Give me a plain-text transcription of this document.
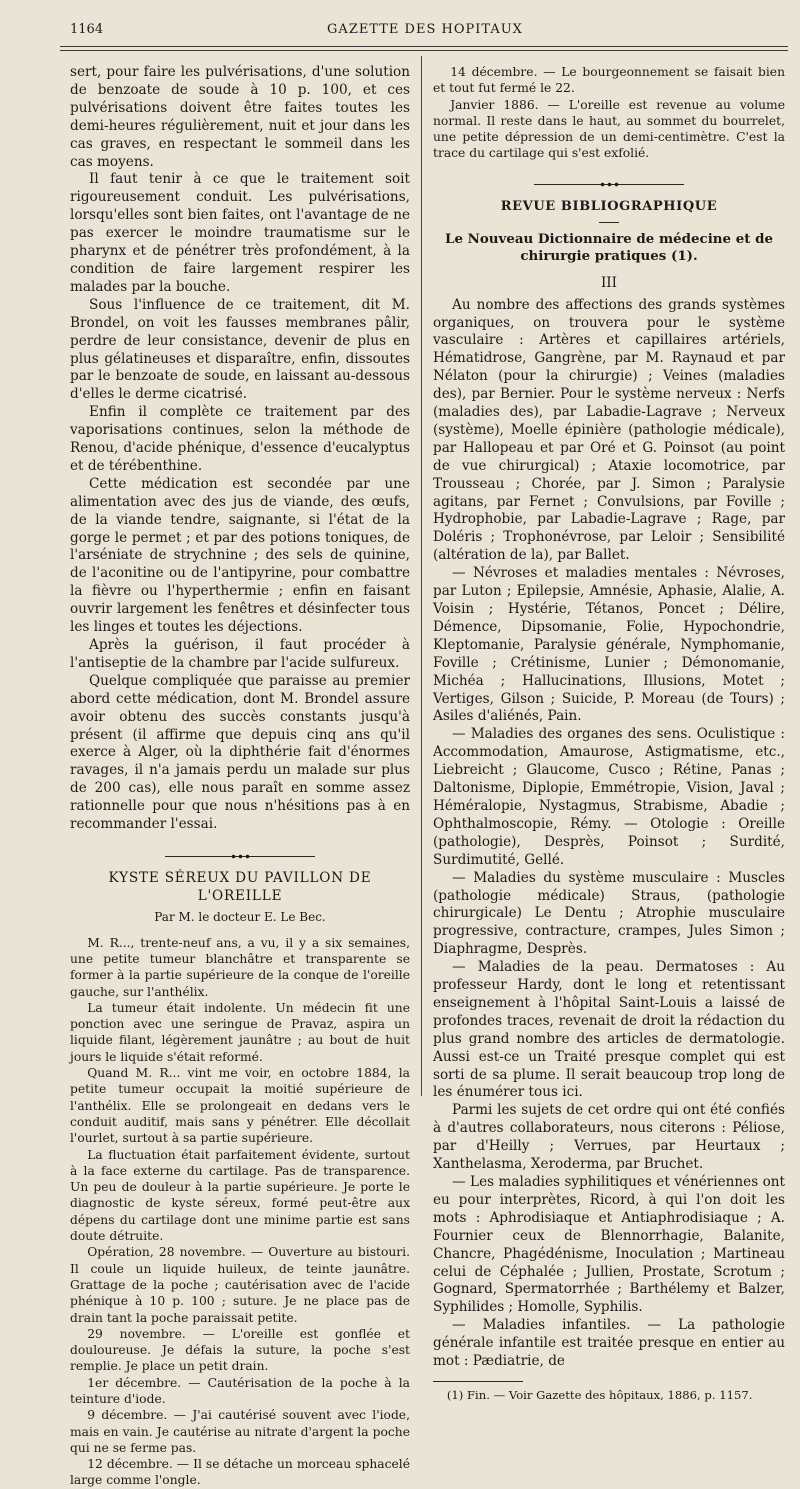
1164	GAZETTE DES HOPITAUX

sert, pour faire les pulvérisations, d'une solution de benzoate de soude à 10 p. 100, et ces pulvérisations doivent être faites toutes les demi-heures régulièrement, nuit et jour dans les cas graves, en respectant le sommeil dans les cas moyens.

Il faut tenir à ce que le traitement soit rigoureusement conduit. Les pulvérisations, lorsqu'elles sont bien faites, ont l'avantage de ne pas exercer le moindre traumatisme sur le pharynx et de pénétrer très profondément, à la condition de faire largement respirer les malades par la bouche.

Sous l'influence de ce traitement, dit M. Brondel, on voit les fausses membranes pâlir, perdre de leur consistance, devenir de plus en plus gélatineuses et disparaître, enfin, dissoutes par le benzoate de soude, en laissant au-dessous d'elles le derme cicatrisé.

Enfin il complète ce traitement par des vaporisations continues, selon la méthode de Renou, d'acide phénique, d'essence d'eucalyptus et de térébenthine.

Cette médication est secondée par une alimentation avec des jus de viande, des œufs, de la viande tendre, saignante, si l'état de la gorge le permet ; et par des potions toniques, de l'arséniate de strychnine ; des sels de quinine, de l'aconitine ou de l'antipyrine, pour combattre la fièvre ou l'hyperthermie ; enfin en faisant ouvrir largement les fenêtres et désinfecter tous les linges et toutes les déjections.

Après la guérison, il faut procéder à l'antiseptie de la chambre par l'acide sulfureux.

Quelque compliquée que paraisse au premier abord cette médication, dont M. Brondel assure avoir obtenu des succès constants jusqu'à présent (il affirme que depuis cinq ans qu'il exerce à Alger, où la diphthérie fait d'énormes ravages, il n'a jamais perdu un malade sur plus de 200 cas), elle nous paraît en somme assez rationnelle pour que nous n'hésitions pas à en recommander l'essai.

KYSTE SÉREUX DU PAVILLON DE L'OREILLE
Par M. le docteur E. Le Bec.

M. R..., trente-neuf ans, a vu, il y a six semaines, une petite tumeur blanchâtre et transparente se former à la partie supérieure de la conque de l'oreille gauche, sur l'anthélix.

La tumeur était indolente. Un médecin fit une ponction avec une seringue de Pravaz, aspira un liquide filant, légèrement jaunâtre ; au bout de huit jours le liquide s'était reformé.

Quand M. R... vint me voir, en octobre 1884, la petite tumeur occupait la moitié supérieure de l'anthélix. Elle se prolongeait en dedans vers le conduit auditif, mais sans y pénétrer. Elle décollait l'ourlet, surtout à sa partie supérieure.

La fluctuation était parfaitement évidente, surtout à la face externe du cartilage. Pas de transparence. Un peu de douleur à la partie supérieure. Je porte le diagnostic de kyste séreux, formé peut-être aux dépens du cartilage dont une minime partie est sans doute détruite.

Opération, 28 novembre. — Ouverture au bistouri. Il coule un liquide huileux, de teinte jaunâtre. Grattage de la poche ; cautérisation avec de l'acide phénique à 10 p. 100 ; suture. Je ne place pas de drain tant la poche paraissait petite.

29 novembre. — L'oreille est gonflée et douloureuse. Je défais la suture, la poche s'est remplie. Je place un petit drain.

1er décembre. — Cautérisation de la poche à la teinture d'iode.

9 décembre. — J'ai cautérisé souvent avec l'iode, mais en vain. Je cautérise au nitrate d'argent la poche qui ne se ferme pas.

12 décembre. — Il se détache un morceau sphacelé large comme l'ongle.

14 décembre. — Le bourgeonnement se faisait bien et tout fut fermé le 22.

Janvier 1886. — L'oreille est revenue au volume normal. Il reste dans le haut, au sommet du bourrelet, une petite dépression de un demi-centimètre. C'est la trace du cartilage qui s'est exfolié.

REVUE BIBLIOGRAPHIQUE
Le Nouveau Dictionnaire de médecine et de chirurgie pratiques (1).
III

Au nombre des affections des grands systèmes organiques, on trouvera pour le système vasculaire : Artères et capillaires artériels, Hématidrose, Gangrène, par M. Raynaud et par Nélaton (pour la chirurgie) ; Veines (maladies des), par Bernier. Pour le système nerveux : Nerfs (maladies des), par Labadie-Lagrave ; Nerveux (système), Moelle épinière (pathologie médicale), par Hallopeau et par Oré et G. Poinsot (au point de vue chirurgical) ; Ataxie locomotrice, par Trousseau ; Chorée, par J. Simon ; Paralysie agitans, par Fernet ; Convulsions, par Foville ; Hydrophobie, par Labadie-Lagrave ; Rage, par Doléris ; Trophonévrose, par Leloir ; Sensibilité (altération de la), par Ballet.

— Névroses et maladies mentales : Névroses, par Luton ; Epilepsie, Amnésie, Aphasie, Alalie, A. Voisin ; Hystérie, Tétanos, Poncet ; Délire, Démence, Dipsomanie, Folie, Hypochondrie, Kleptomanie, Paralysie générale, Nymphomanie, Foville ; Crétinisme, Lunier ; Démonomanie, Michéa ; Hallucinations, Illusions, Motet ; Vertiges, Gilson ; Suicide, P. Moreau (de Tours) ; Asiles d'aliénés, Pain.

— Maladies des organes des sens. Oculistique : Accommodation, Amaurose, Astigmatisme, etc., Liebreicht ; Glaucome, Cusco ; Rétine, Panas ; Daltonisme, Diplopie, Emmétropie, Vision, Javal ; Héméralopie, Nystagmus, Strabisme, Abadie ; Ophthalmoscopie, Rémy. — Otologie : Oreille (pathologie), Desprès, Poinsot ; Surdité, Surdimutité, Gellé.

— Maladies du système musculaire : Muscles (pathologie médicale) Straus, (pathologie chirurgicale) Le Dentu ; Atrophie musculaire progressive, contracture, crampes, Jules Simon ; Diaphragme, Desprès.

— Maladies de la peau. Dermatoses : Au professeur Hardy, dont le long et retentissant enseignement à l'hôpital Saint-Louis a laissé de profondes traces, revenait de droit la rédaction du plus grand nombre des articles de dermatologie. Aussi est-ce un Traité presque complet qui est sorti de sa plume. Il serait beaucoup trop long de les énumérer tous ici.

Parmi les sujets de cet ordre qui ont été confiés à d'autres collaborateurs, nous citerons : Péliose, par d'Heilly ; Verrues, par Heurtaux ; Xanthelasma, Xeroderma, par Bruchet.

— Les maladies syphilitiques et vénériennes ont eu pour interprètes, Ricord, à qui l'on doit les mots : Aphrodisiaque et Antiaphrodisiaque ; A. Fournier ceux de Blennorrhagie, Balanite, Chancre, Phagédénisme, Inoculation ; Martineau celui de Céphalée ; Jullien, Prostate, Scrotum ; Gognard, Spermatorrhée ; Barthélemy et Balzer, Syphilides ; Homolle, Syphilis.

— Maladies infantiles. — La pathologie générale infantile est traitée presque en entier au mot : Pædiatrie, de

(1) Fin. — Voir Gazette des hôpitaux, 1886, p. 1157.
